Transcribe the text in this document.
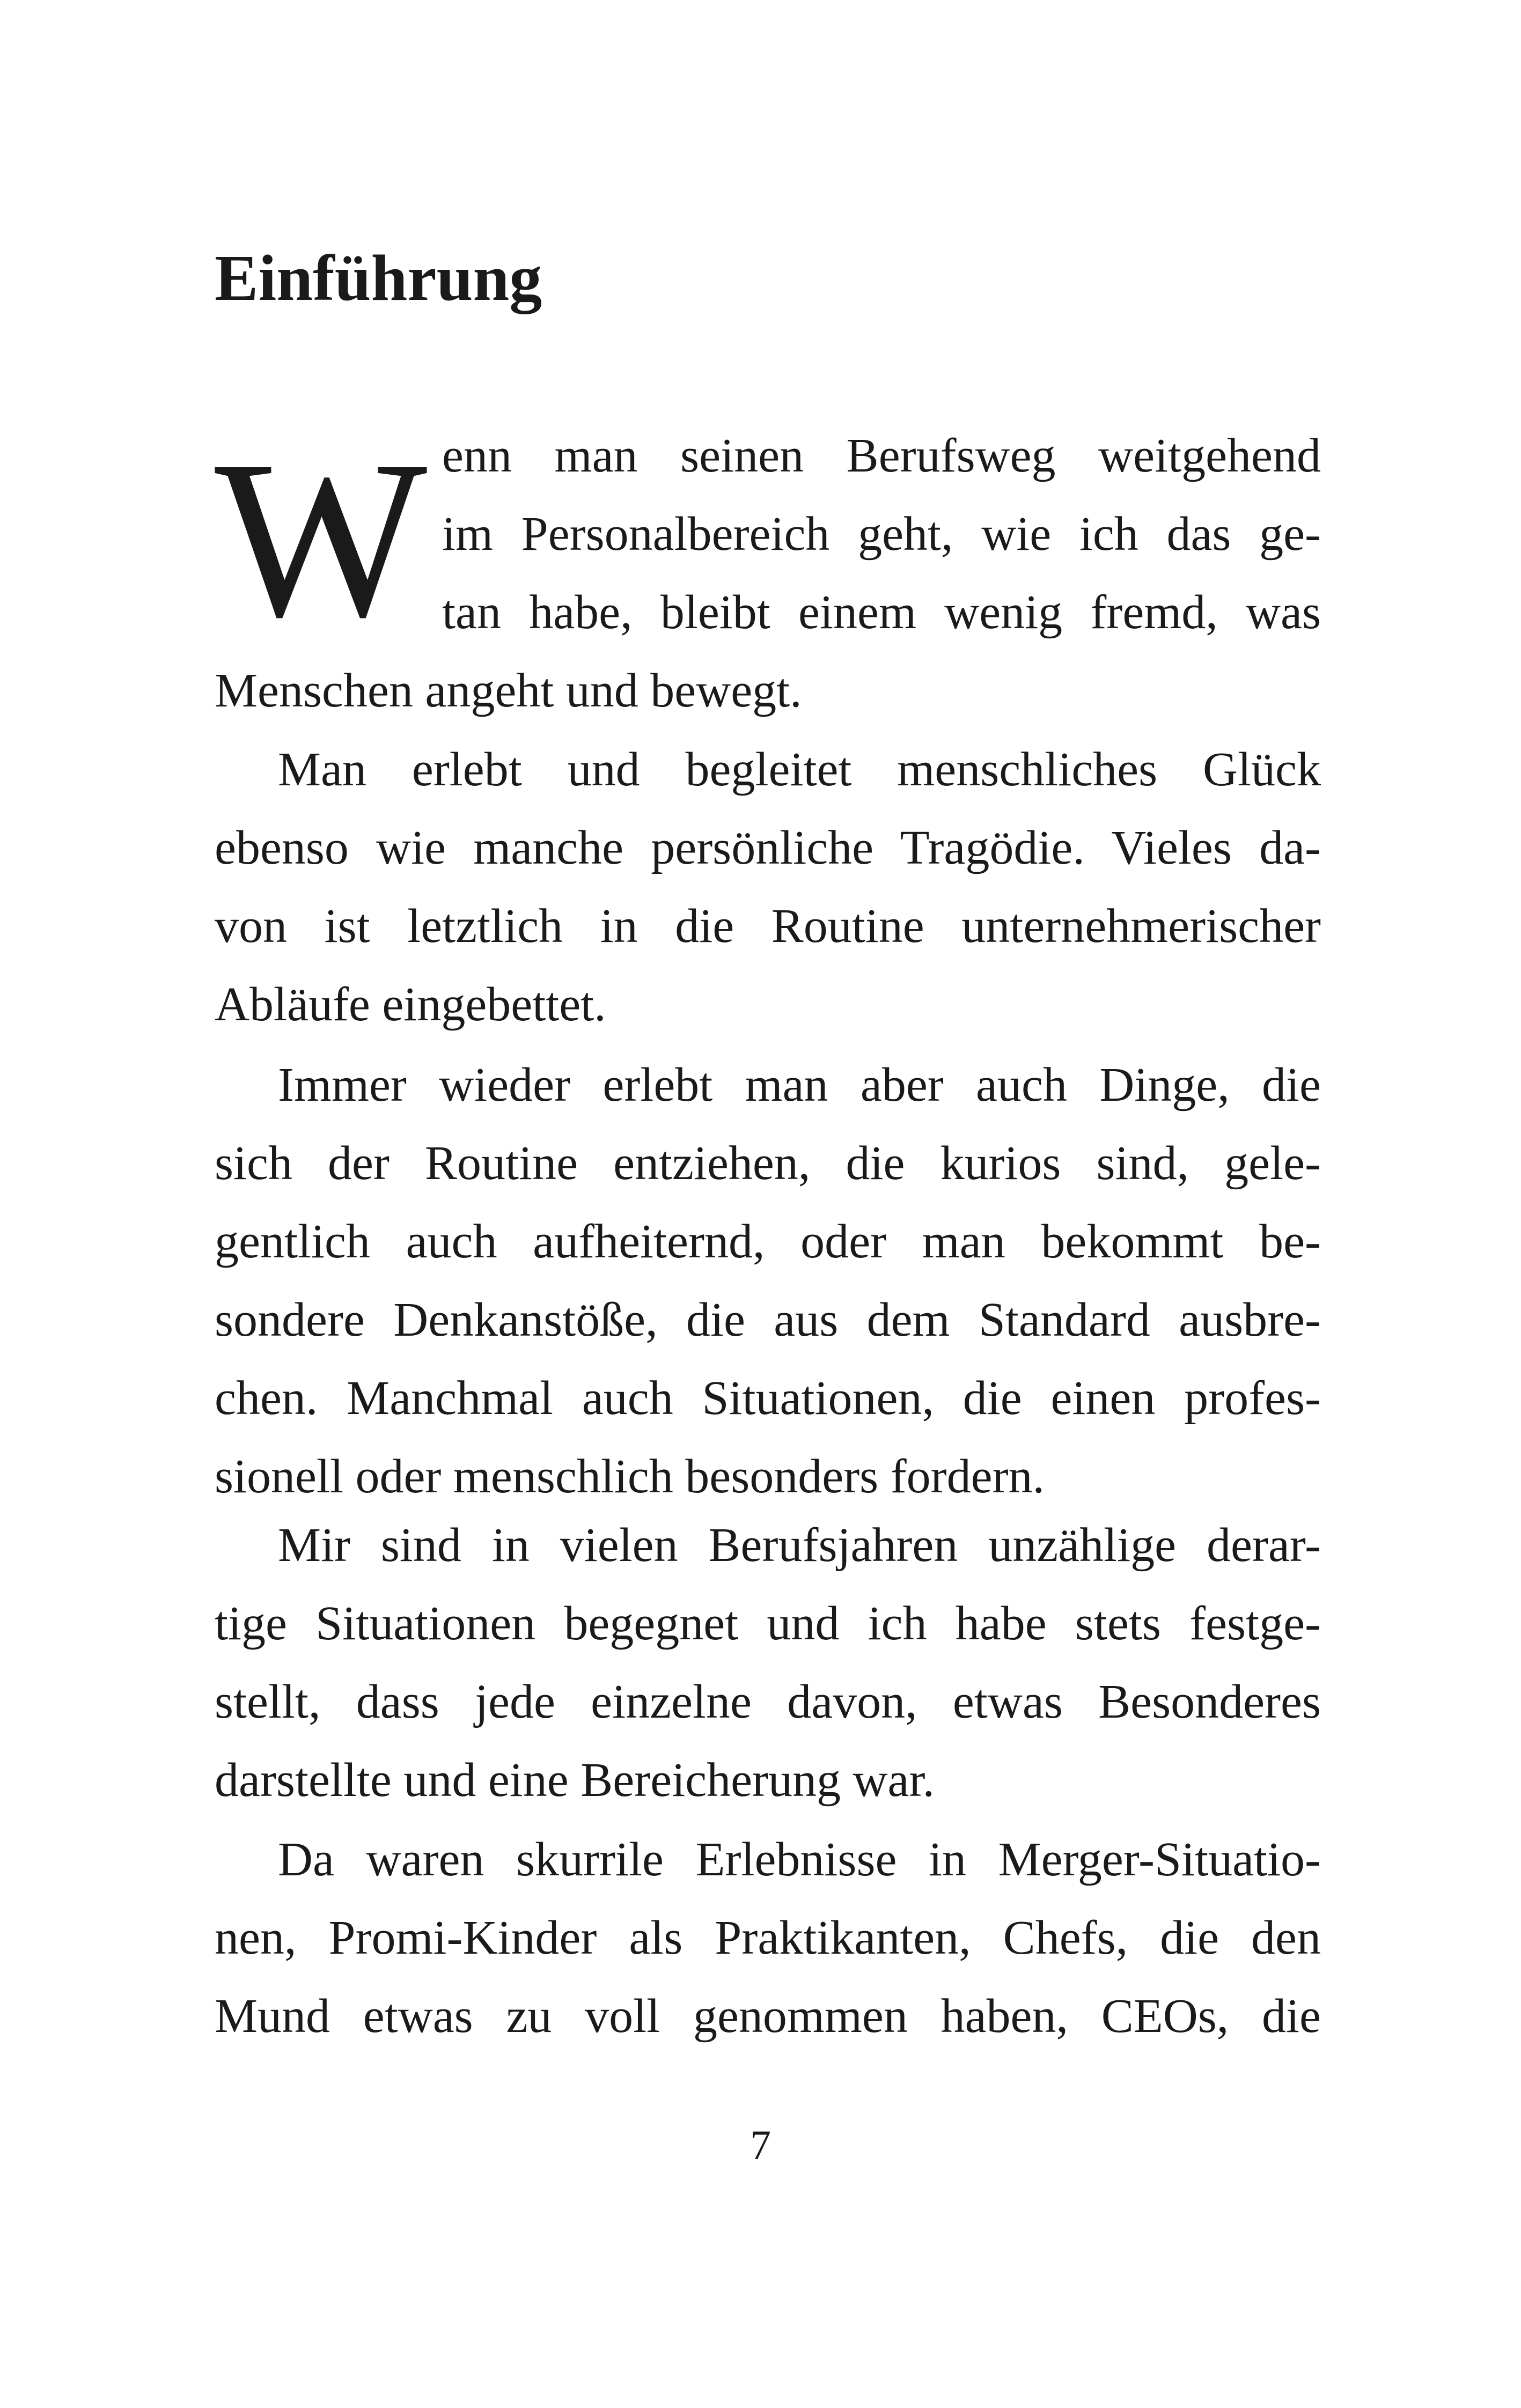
Einführung
W enn man seinen Berufsweg weitgehend
im Personalbereich geht, wie ich das ge-
tan habe, bleibt einem wenig fremd, was
Menschen angeht und bewegt.
Man erlebt und begleitet menschliches Glück
ebenso wie manche persönliche Tragödie. Vieles da-
von ist letztlich in die Routine unternehmerischer
Abläufe eingebettet.
Immer wieder erlebt man aber auch Dinge, die
sich der Routine entziehen, die kurios sind, gele-
gentlich auch aufheiternd, oder man bekommt be-
sondere Denkanstöße, die aus dem Standard ausbre-
chen. Manchmal auch Situationen, die einen profes-
sionell oder menschlich besonders fordern.
Mir sind in vielen Berufsjahren unzählige derar-
tige Situationen begegnet und ich habe stets festge-
stellt, dass jede einzelne davon, etwas Besonderes
darstellte und eine Bereicherung war.
Da waren skurrile Erlebnisse in Merger-Situatio-
nen, Promi-Kinder als Praktikanten, Chefs, die den
Mund etwas zu voll genommen haben, CEOs, die
7
